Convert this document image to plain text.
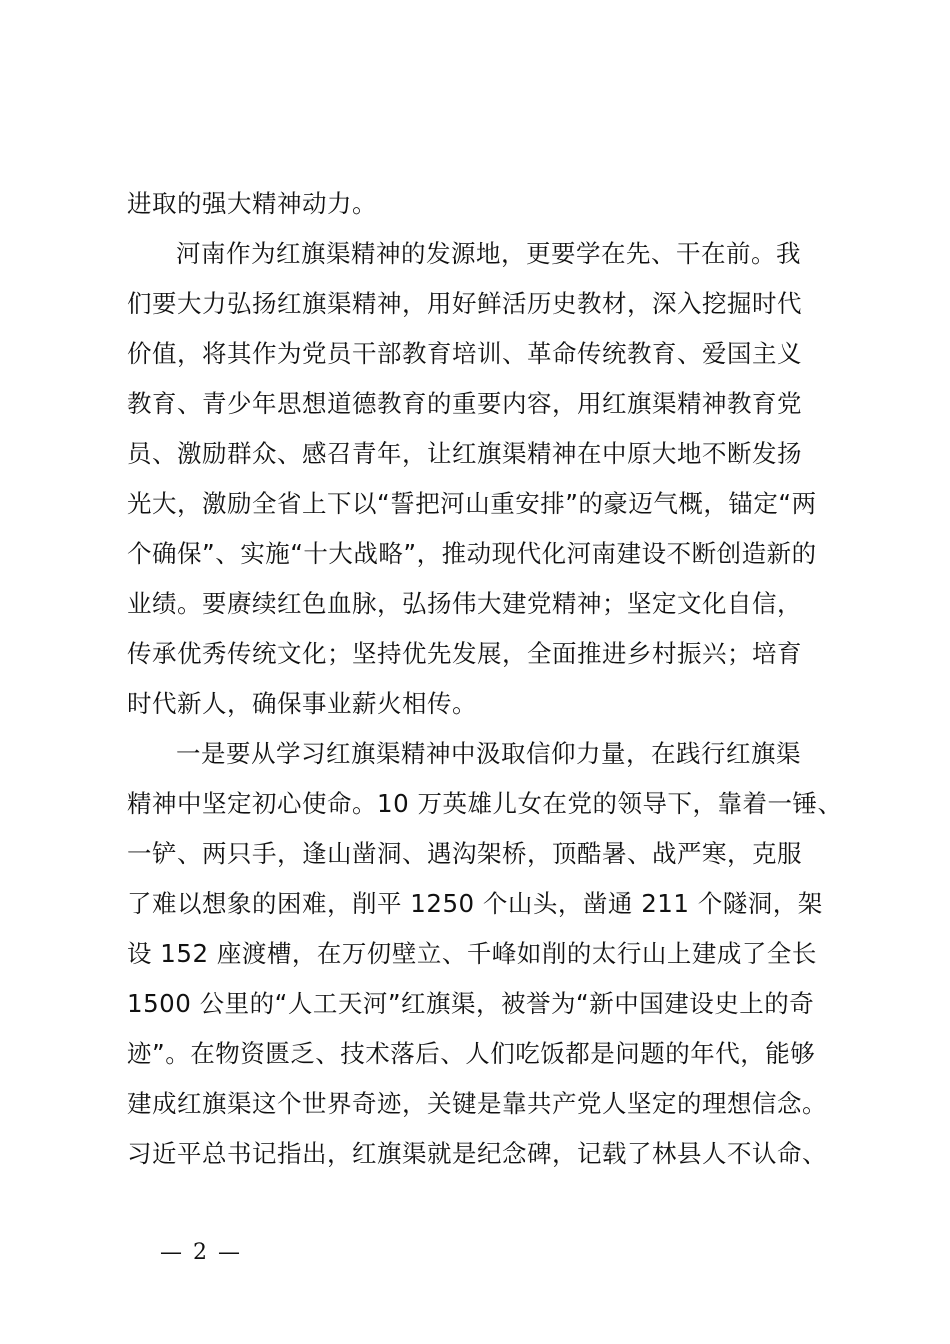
进取的强大精神动力。
河南作为红旗渠精神的发源地，更要学在先、干在前。我
们要大力弘扬红旗渠精神，用好鲜活历史教材，深入挖掘时代
价值，将其作为党员干部教育培训、革命传统教育、爱国主义
教育、青少年思想道德教育的重要内容，用红旗渠精神教育党
员、激励群众、感召青年，让红旗渠精神在中原大地不断发扬
光大，激励全省上下以“誓把河山重安排”的豪迈气概，锚定“两
个确保”、实施“十大战略”，推动现代化河南建设不断创造新的
业绩。要赓续红色血脉，弘扬伟大建党精神；坚定文化自信，
传承优秀传统文化；坚持优先发展，全面推进乡村振兴；培育
时代新人，确保事业薪火相传。
一是要从学习红旗渠精神中汲取信仰力量，在践行红旗渠
精神中坚定初心使命。10 万英雄儿女在党的领导下，靠着一锤、
一铲、两只手，逢山凿洞、遇沟架桥，顶酷暑、战严寒，克服
了难以想象的困难，削平 1250 个山头，凿通 211 个隧洞，架
设 152 座渡槽，在万仞壁立、千峰如削的太行山上建成了全长
1500 公里的“人工天河”红旗渠，被誉为“新中国建设史上的奇
迹”。在物资匮乏、技术落后、人们吃饭都是问题的年代，能够
建成红旗渠这个世界奇迹，关键是靠共产党人坚定的理想信念。
习近平总书记指出，红旗渠就是纪念碑，记载了林县人不认命、
— 2 —
